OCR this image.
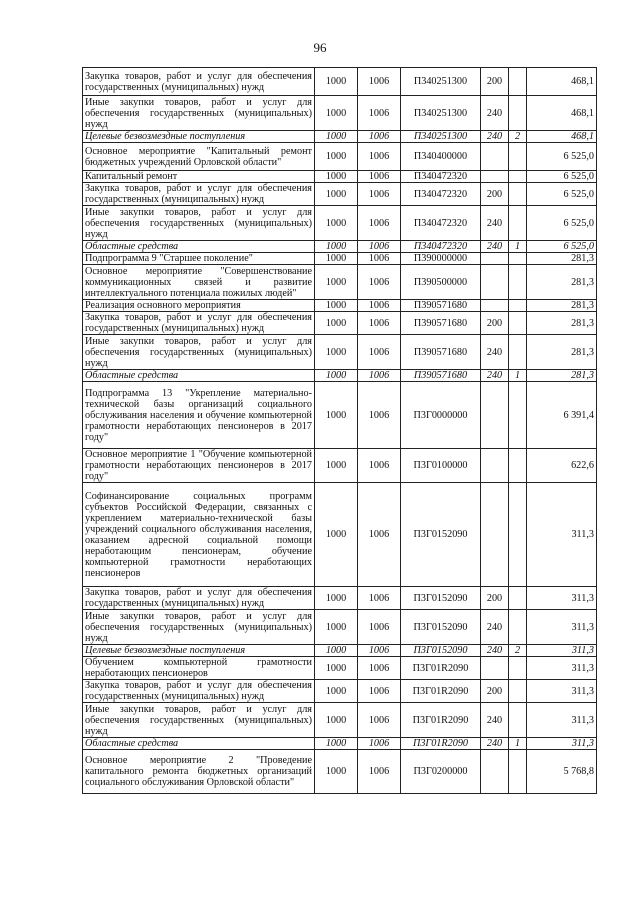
96
Закупка товаров, работ и услуг для обеспечения государственных (муниципальных) нужд	1000	1006	П340251300	200		468,1
Иные закупки товаров, работ и услуг для обеспечения государственных (муниципальных) нужд	1000	1006	П340251300	240		468,1
Целевые безвозмездные поступления	1000	1006	П340251300	240	2	468,1
Основное мероприятие "Капитальный ремонт бюджетных учреждений Орловской области"	1000	1006	П340400000			6 525,0
Капитальный ремонт	1000	1006	П340472320			6 525,0
Закупка товаров, работ и услуг для обеспечения государственных (муниципальных) нужд	1000	1006	П340472320	200		6 525,0
Иные закупки товаров, работ и услуг для обеспечения государственных (муниципальных) нужд	1000	1006	П340472320	240		6 525,0
Областные средства	1000	1006	П340472320	240	1	6 525,0
Подпрограмма 9 "Старшее поколение"	1000	1006	П390000000			281,3
Основное мероприятие "Совершенствование коммуникационных связей и развитие интеллектуального потенциала пожилых людей"	1000	1006	П390500000			281,3
Реализация основного мероприятия	1000	1006	П390571680			281,3
Закупка товаров, работ и услуг для обеспечения государственных (муниципальных) нужд	1000	1006	П390571680	200		281,3
Иные закупки товаров, работ и услуг для обеспечения государственных (муниципальных) нужд	1000	1006	П390571680	240		281,3
Областные средства	1000	1006	П390571680	240	1	281,3
Подпрограмма 13 "Укрепление материально-технической базы организаций социального обслуживания населения и обучение компьютерной грамотности неработающих пенсионеров в 2017 году"	1000	1006	П3Г0000000			6 391,4
Основное мероприятие 1 "Обучение компьютерной грамотности неработающих пенсионеров в 2017 году"	1000	1006	П3Г0100000			622,6
Софинансирование социальных программ субъектов Российской Федерации, связанных с укреплением материально-технической базы учреждений социального обслуживания населения, оказанием адресной социальной помощи неработающим пенсионерам, обучение компьютерной грамотности неработающих пенсионеров	1000	1006	П3Г0152090			311,3
Закупка товаров, работ и услуг для обеспечения государственных (муниципальных) нужд	1000	1006	П3Г0152090	200		311,3
Иные закупки товаров, работ и услуг для обеспечения государственных (муниципальных) нужд	1000	1006	П3Г0152090	240		311,3
Целевые безвозмездные поступления	1000	1006	П3Г0152090	240	2	311,3
Обучением компьютерной грамотности неработающих пенсионеров	1000	1006	П3Г01R2090			311,3
Закупка товаров, работ и услуг для обеспечения государственных (муниципальных) нужд	1000	1006	П3Г01R2090	200		311,3
Иные закупки товаров, работ и услуг для обеспечения государственных (муниципальных) нужд	1000	1006	П3Г01R2090	240		311,3
Областные средства	1000	1006	П3Г01R2090	240	1	311,3
Основное мероприятие 2 "Проведение капитального ремонта бюджетных организаций социального обслуживания Орловской области"	1000	1006	П3Г0200000			5 768,8
